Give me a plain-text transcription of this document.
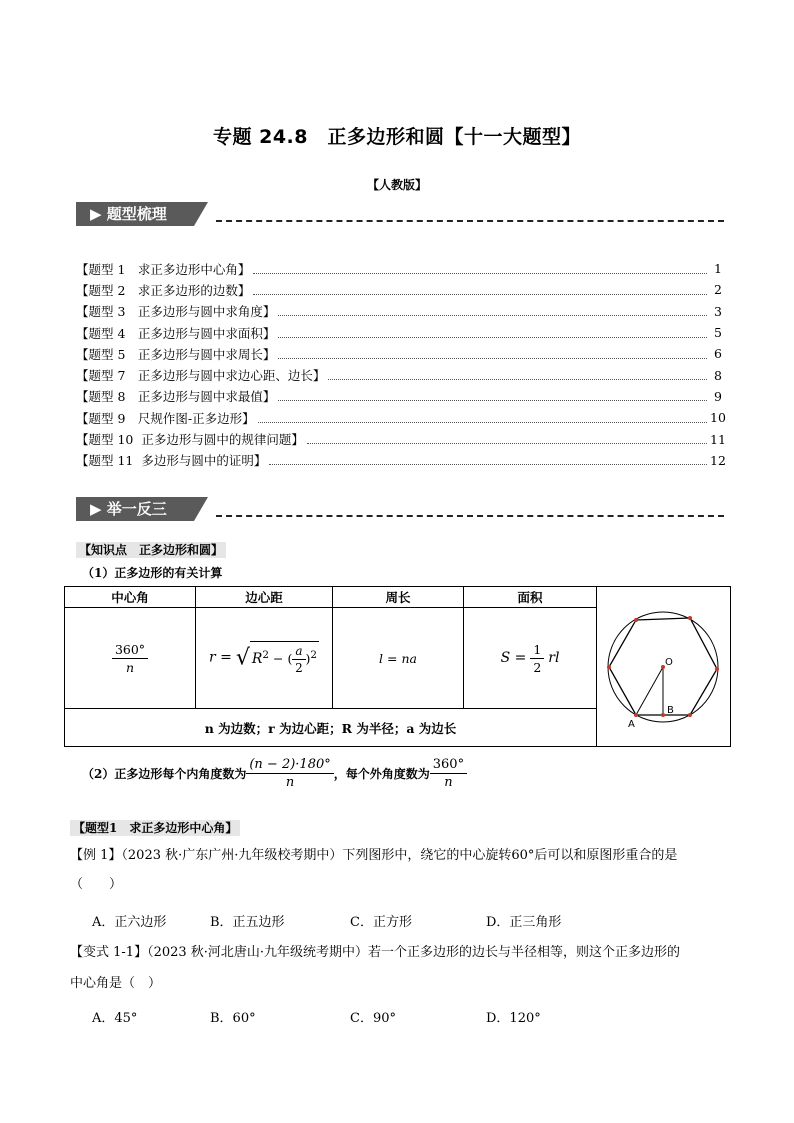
专题 24.8　正多边形和圆【十一大题型】
【人教版】
▶ 题型梳理
【题型 1　求正多边形中心角】	1
【题型 2　求正多边形的边数】	2
【题型 3　正多边形与圆中求角度】	3
【题型 4　正多边形与圆中求面积】	5
【题型 5　正多边形与圆中求周长】	6
【题型 7　正多边形与圆中求边心距、边长】	8
【题型 8　正多边形与圆中求最值】	9
【题型 9　尺规作图-正多边形】	10
【题型 10  正多边形与圆中的规律问题】	11
【题型 11  多边形与圆中的证明】	12
▶ 举一反三
【知识点　正多边形和圆】
（1）正多边形的有关计算
中心角	边心距	周长	面积	O
A
B

$\frac{360^\circ}{n}$	r = √ $R^2$ − ( $\frac{a}{2} )^2$	l = na	$S = \frac{1}{2}$ rl	
n 为边数；r 为边心距；R 为半径；a 为边长				
（2）正多边形每个内角度数为 $\frac{(n - 2)\cdot 180^\circ}{n}$ ，每个外角度数为 $\frac{360^\circ}{n}$
【题型1　求正多边形中心角】
【例 1】（2023 秋·广东广州·九年级校考期中）下列图形中，绕它的中心旋转60°后可以和原图形重合的是
（　　）
A．正六边形	B．正五边形	C．正方形	D．正三角形
【变式 1-1】（2023 秋·河北唐山·九年级统考期中）若一个正多边形的边长与半径相等，则这个正多边形的
中心角是（　）
A．45°	B．60°	C．90°	D．120°
